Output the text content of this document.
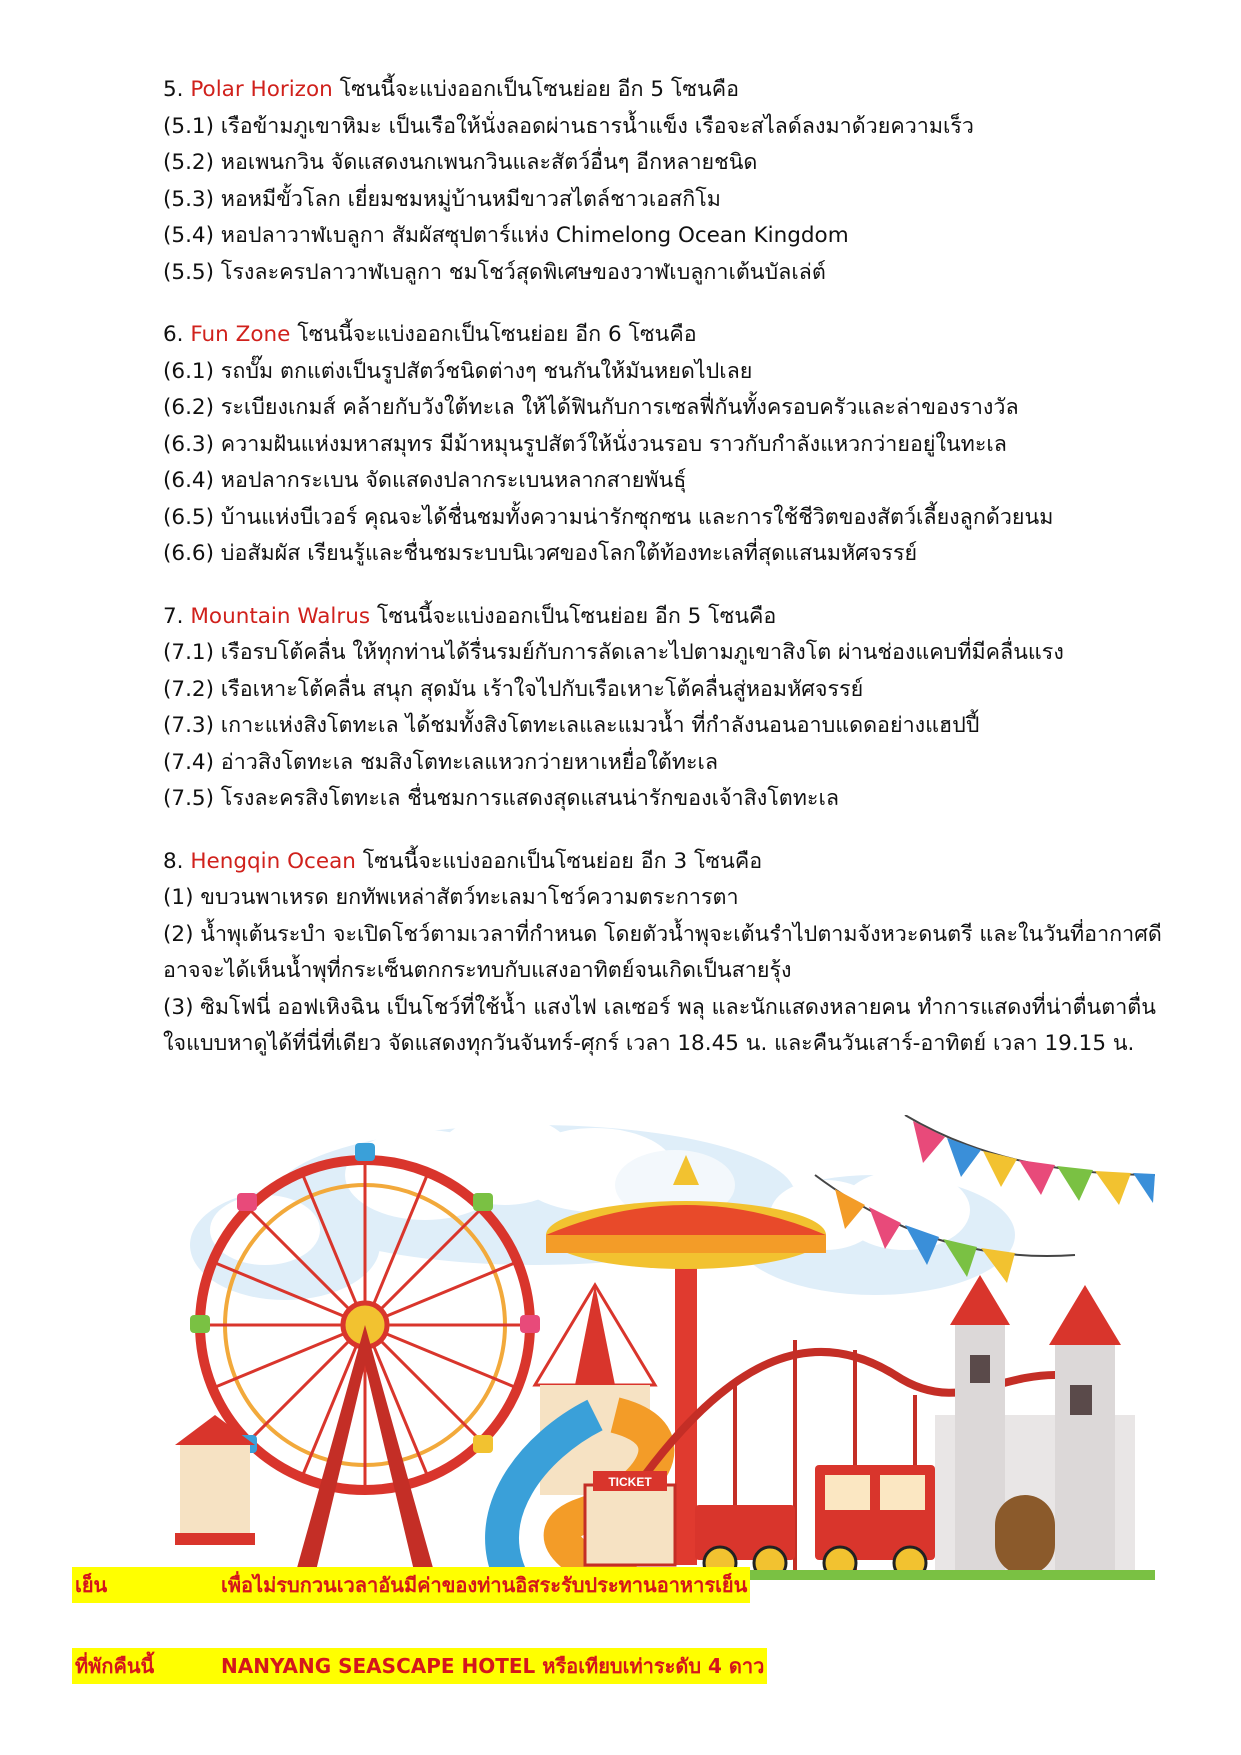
5. Polar Horizon โซนนี้จะแบ่งออกเป็นโซนย่อย อีก 5 โซนคือ
(5.1) เรือข้ามภูเขาหิมะ เป็นเรือให้นั่งลอดผ่านธารน้ำแข็ง เรือจะสไลด์ลงมาด้วยความเร็ว
(5.2) หอเพนกวิน จัดแสดงนกเพนกวินและสัตว์อื่นๆ อีกหลายชนิด
(5.3) หอหมีขั้วโลก เยี่ยมชมหมู่บ้านหมีขาวสไตล์ชาวเอสกิโม
(5.4) หอปลาวาฬเบลูกา สัมผัสซุปตาร์แห่ง Chimelong Ocean Kingdom
(5.5) โรงละครปลาวาฬเบลูกา ชมโชว์สุดพิเศษของวาฬเบลูกาเต้นบัลเล่ต์
6. Fun Zone โซนนี้จะแบ่งออกเป็นโซนย่อย อีก 6 โซนคือ
(6.1) รถบั๊ม ตกแต่งเป็นรูปสัตว์ชนิดต่างๆ ชนกันให้มันหยดไปเลย
(6.2) ระเบียงเกมส์ คล้ายกับวังใต้ทะเล ให้ได้ฟินกับการเซลฟี่กันทั้งครอบครัวและล่าของรางวัล
(6.3) ความฝันแห่งมหาสมุทร มีม้าหมุนรูปสัตว์ให้นั่งวนรอบ ราวกับกำลังแหวกว่ายอยู่ในทะเล
(6.4) หอปลากระเบน จัดแสดงปลากระเบนหลากสายพันธุ์
(6.5) บ้านแห่งบีเวอร์ คุณจะได้ชื่นชมทั้งความน่ารักซุกซน และการใช้ชีวิตของสัตว์เลี้ยงลูกด้วยนม
(6.6) บ่อสัมผัส เรียนรู้และชื่นชมระบบนิเวศของโลกใต้ท้องทะเลที่สุดแสนมหัศจรรย์
7. Mountain Walrus โซนนี้จะแบ่งออกเป็นโซนย่อย อีก 5 โซนคือ
(7.1) เรือรบโต้คลื่น ให้ทุกท่านได้รื่นรมย์กับการลัดเลาะไปตามภูเขาสิงโต ผ่านช่องแคบที่มีคลื่นแรง
(7.2) เรือเหาะโต้คลื่น สนุก สุดมัน เร้าใจไปกับเรือเหาะโต้คลื่นสู่หอมหัศจรรย์
(7.3) เกาะแห่งสิงโตทะเล ได้ชมทั้งสิงโตทะเลและแมวน้ำ ที่กำลังนอนอาบแดดอย่างแฮปปี้
(7.4) อ่าวสิงโตทะเล ชมสิงโตทะเลแหวกว่ายหาเหยื่อใต้ทะเล
(7.5) โรงละครสิงโตทะเล ชื่นชมการแสดงสุดแสนน่ารักของเจ้าสิงโตทะเล
8. Hengqin Ocean โซนนี้จะแบ่งออกเป็นโซนย่อย อีก 3 โซนคือ
(1) ขบวนพาเหรด ยกทัพเหล่าสัตว์ทะเลมาโชว์ความตระการตา
(2) น้ำพุเต้นระบำ จะเปิดโชว์ตามเวลาที่กำหนด โดยตัวน้ำพุจะเต้นรำไปตามจังหวะดนตรี และในวันที่อากาศดีอาจจะได้เห็นน้ำพุที่กระเซ็นตกกระทบกับแสงอาทิตย์จนเกิดเป็นสายรุ้ง
(3) ซิมโฟนี่ ออฟเหิงฉิน เป็นโชว์ที่ใช้น้ำ แสงไฟ เลเซอร์ พลุ และนักแสดงหลายคน ทำการแสดงที่น่าตื่นตาตื่นใจแบบหาดูได้ที่นี่ที่เดียว จัดแสดงทุกวันจันทร์-ศุกร์ เวลา 18.45 น. และคืนวันเสาร์-อาทิตย์ เวลา 19.15 น.
TICKET
เย็น	เพื่อไม่รบกวนเวลาอันมีค่าของท่านอิสระรับประทานอาหารเย็น
ที่พักคืนนี้	NANYANG SEASCAPE HOTEL หรือเทียบเท่าระดับ 4 ดาว
